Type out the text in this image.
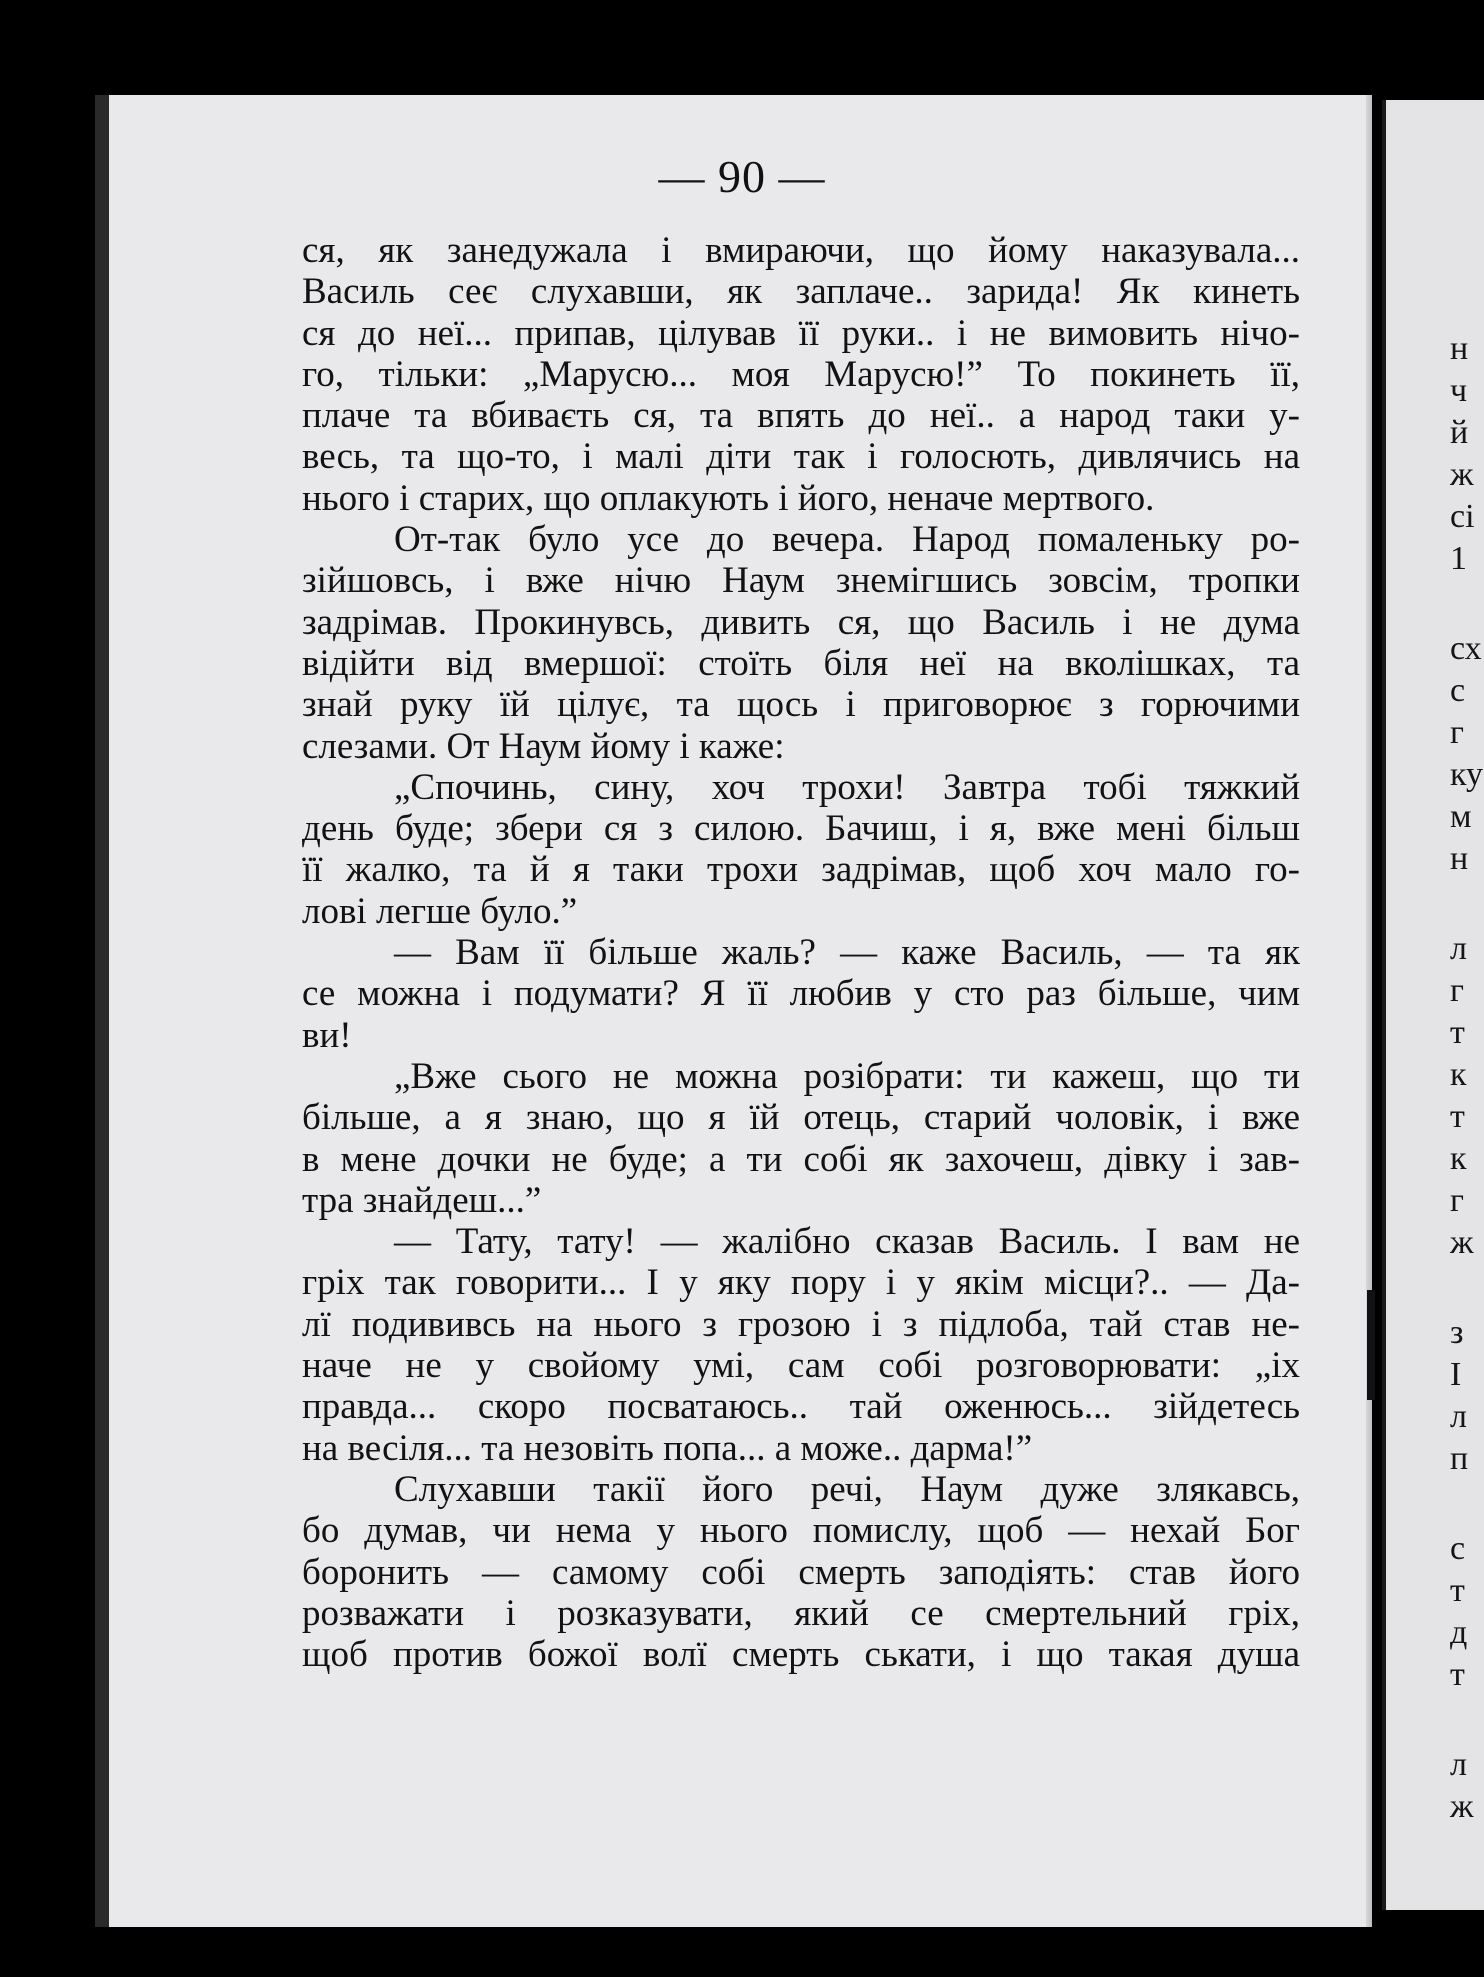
— 90 —
ся, як занедужала і вмираючи, що йому наказувала...
Василь сеє слухавши, як заплаче.. зарида! Як кинеть
ся до неї... припав, цілував її руки.. і не вимовить нічо-
го, тільки: „Марусю... моя Марусю!” То покинеть її,
плаче та вбиваєть ся, та впять до неї.. а народ таки у-
весь, та що-то, і малі діти так і голосють, дивлячись на
нього і старих, що оплакують і його, неначе мертвого.
От-так було усе до вечера. Народ помаленьку ро-
зійшовсь, і вже нічю Наум знемігшись зовсім, тропки
задрімав. Прокинувсь, дивить ся, що Василь і не дума
відійти від вмершої: стоїть біля неї на вколішках, та
знай руку їй цілує, та щось і приговорює з горючими
слезами. От Наум йому і каже:
„Спочинь, сину, хоч трохи! Завтра тобі тяжкий
день буде; збери ся з силою. Бачиш, і я, вже мені більш
її жалко, та й я таки трохи задрімав, щоб хоч мало го-
лові легше було.”
— Вам її більше жаль? — каже Василь, — та як
се можна і подумати? Я її любив у сто раз більше, чим
ви!
„Вже сього не можна розібрати: ти кажеш, що ти
більше, а я знаю, що я їй отець, старий чоловік, і вже
в мене дочки не буде; а ти собі як захочеш, дівку і зав-
тра знайдеш...”
— Тату, тату! — жалібно сказав Василь. І вам не
гріх так говорити... І у яку пору і у якім місци?.. — Да-
лї подививсь на нього з грозою і з підлоба, тай став не-
наче не у свойому умі, сам собі розговорювати: „іх
правда... скоро посватаюсь.. тай оженюсь... зійдетесь
на весіля... та незовіть попа... а може.. дарма!”
Слухавши такії його речі, Наум дуже злякавсь,
бо думав, чи нема у нього помислу, щоб — нехай Бог
боронить — самому собі смерть заподіять: став його
розважати і розказувати, який се смертельний гріх,
щоб против божої волї смерть ськати, і що такая душа
н
ч
й
ж
сі
1
сх
с
г
ку
м
н
л
г
т
к
т
к
г
ж
з
І
л
п
с
т
д
т
л
ж
